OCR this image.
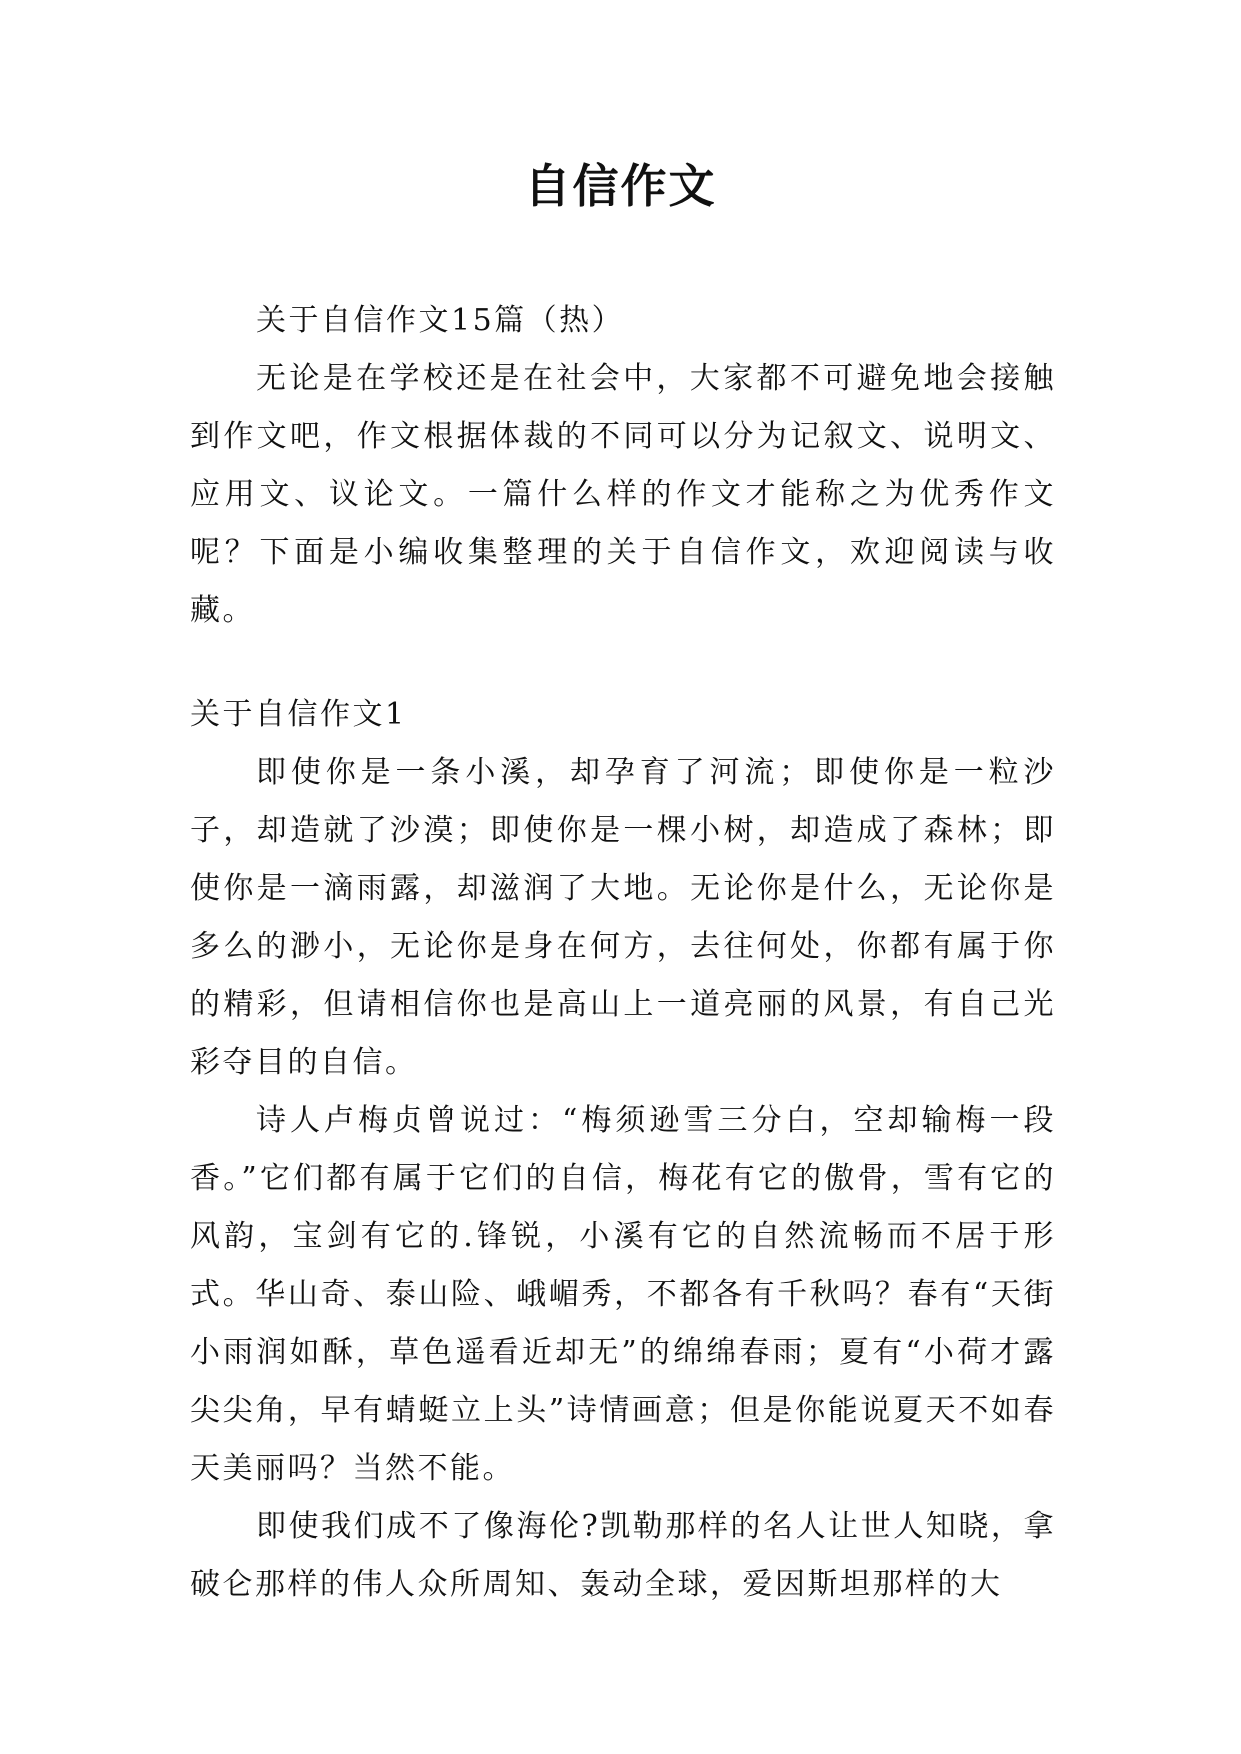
自信作文

关于自信作文15篇（热）

无论是在学校还是在社会中，大家都不可避免地会接触到作文吧，作文根据体裁的不同可以分为记叙文、说明文、应用文、议论文。一篇什么样的作文才能称之为优秀作文呢？下面是小编收集整理的关于自信作文，欢迎阅读与收藏。

关于自信作文1

即使你是一条小溪，却孕育了河流；即使你是一粒沙子，却造就了沙漠；即使你是一棵小树，却造成了森林；即使你是一滴雨露，却滋润了大地。无论你是什么，无论你是多么的渺小，无论你是身在何方，去往何处，你都有属于你的精彩，但请相信你也是高山上一道亮丽的风景，有自己光彩夺目的自信。

诗人卢梅贞曾说过：“梅须逊雪三分白，空却输梅一段香。”它们都有属于它们的自信，梅花有它的傲骨，雪有它的风韵，宝剑有它的.锋锐，小溪有它的自然流畅而不居于形式。华山奇、泰山险、峨嵋秀，不都各有千秋吗？春有“天街小雨润如酥，草色遥看近却无”的绵绵春雨；夏有“小荷才露尖尖角，早有蜻蜓立上头”诗情画意；但是你能说夏天不如春天美丽吗？当然不能。

即使我们成不了像海伦?凯勒那样的名人让世人知晓，拿破仑那样的伟人众所周知、轰动全球，爱因斯坦那样的大
